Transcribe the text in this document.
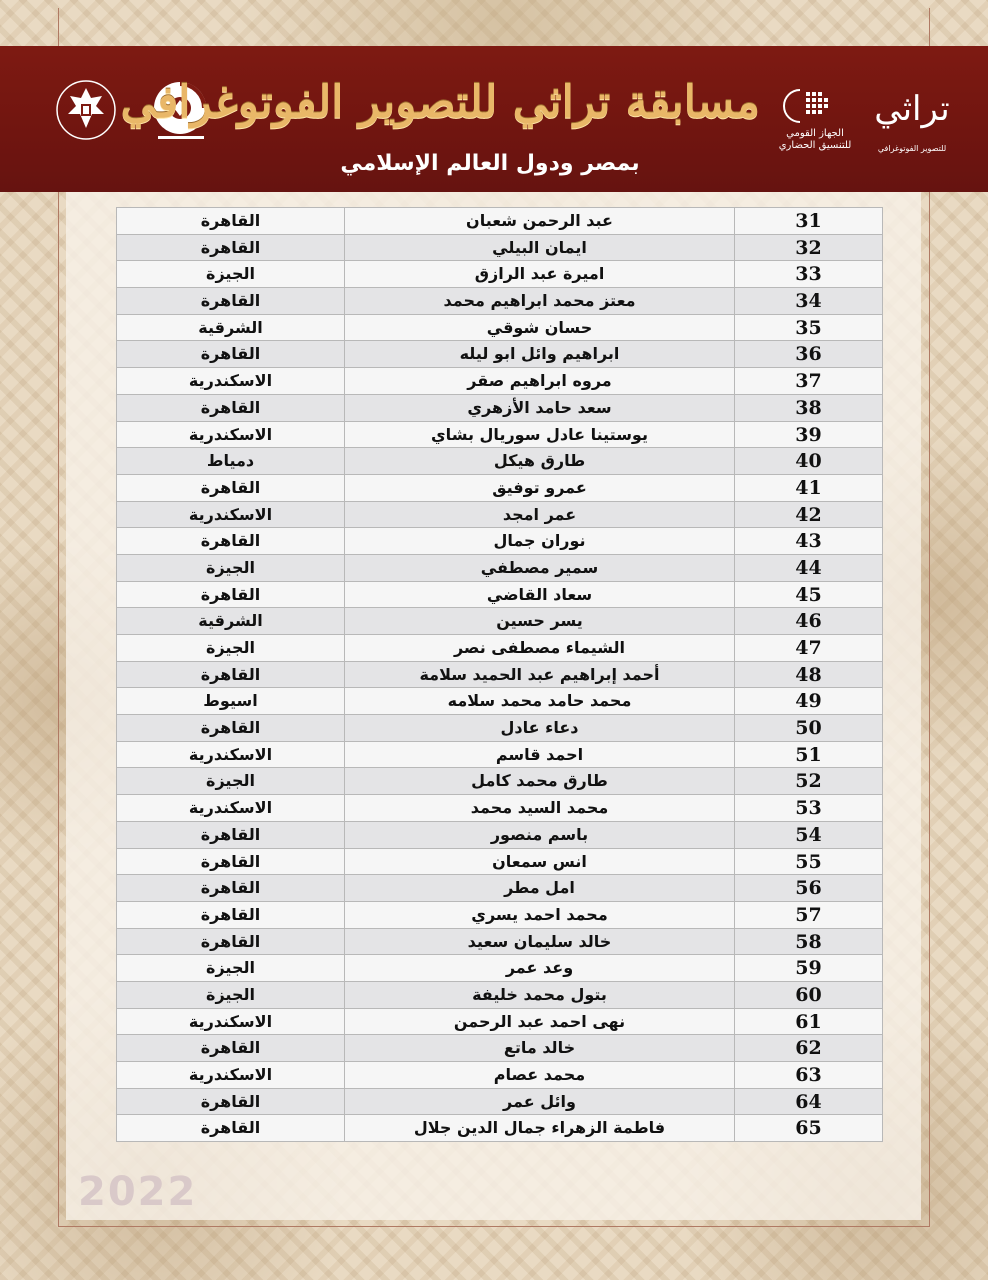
مسابقة تراثي للتصوير الفوتوغرافي
بمصر ودول العالم الإسلامي
الجهاز القومي للتنسيق الحضاري
تراثي
للتصوير الفوتوغرافي
القاهرة	عبد الرحمن شعبان	31
القاهرة	ايمان البيلي	32
الجيزة	اميرة عبد الرازق	33
القاهرة	معتز محمد ابراهيم محمد	34
الشرقية	حسان شوقي	35
القاهرة	ابراهيم وائل ابو ليله	36
الاسكندرية	مروه ابراهيم صقر	37
القاهرة	سعد حامد الأزهري	38
الاسكندرية	يوستينا عادل سوريال بشاي	39
دمياط	طارق هيكل	40
القاهرة	عمرو توفيق	41
الاسكندرية	عمر امجد	42
القاهرة	نوران جمال	43
الجيزة	سمير مصطفي	44
القاهرة	سعاد القاضي	45
الشرقية	يسر حسين	46
الجيزة	الشيماء مصطفى نصر	47
القاهرة	أحمد إبراهيم عبد الحميد سلامة	48
اسيوط	محمد حامد محمد سلامه	49
القاهرة	دعاء عادل	50
الاسكندرية	احمد قاسم	51
الجيزة	طارق محمد كامل	52
الاسكندرية	محمد السيد محمد	53
القاهرة	باسم منصور	54
القاهرة	انس سمعان	55
القاهرة	امل مطر	56
القاهرة	محمد احمد يسري	57
القاهرة	خالد سليمان سعيد	58
الجيزة	وعد عمر	59
الجيزة	بتول محمد خليفة	60
الاسكندرية	نهى احمد عبد الرحمن	61
القاهرة	خالد ماتع	62
الاسكندرية	محمد عصام	63
القاهرة	وائل عمر	64
القاهرة	فاطمة الزهراء جمال الدين جلال	65
2022
